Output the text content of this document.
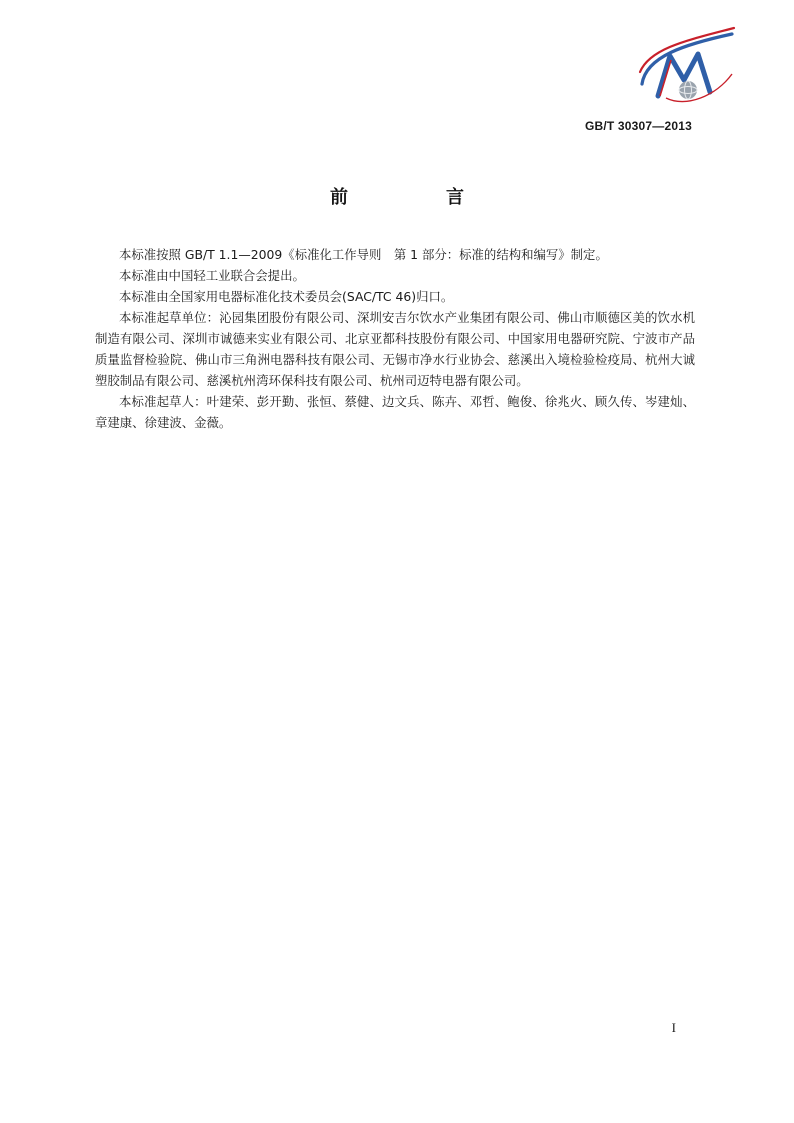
GB/T 30307—2013
前　言

本标准按照 GB/T 1.1—2009《标准化工作导则　第 1 部分：标准的结构和编写》制定。

本标准由中国轻工业联合会提出。

本标准由全国家用电器标准化技术委员会(SAC/TC 46)归口。

本标准起草单位：沁园集团股份有限公司、深圳安吉尔饮水产业集团有限公司、佛山市顺德区美的饮水机制造有限公司、深圳市诚德来实业有限公司、北京亚都科技股份有限公司、中国家用电器研究院、宁波市产品质量监督检验院、佛山市三角洲电器科技有限公司、无锡市净水行业协会、慈溪出入境检验检疫局、杭州大诚塑胶制品有限公司、慈溪杭州湾环保科技有限公司、杭州司迈特电器有限公司。

本标准起草人：叶建荣、彭开勤、张恒、蔡健、边文兵、陈卉、邓哲、鲍俊、徐兆火、顾久传、岑建灿、章建康、徐建波、金薇。

I
